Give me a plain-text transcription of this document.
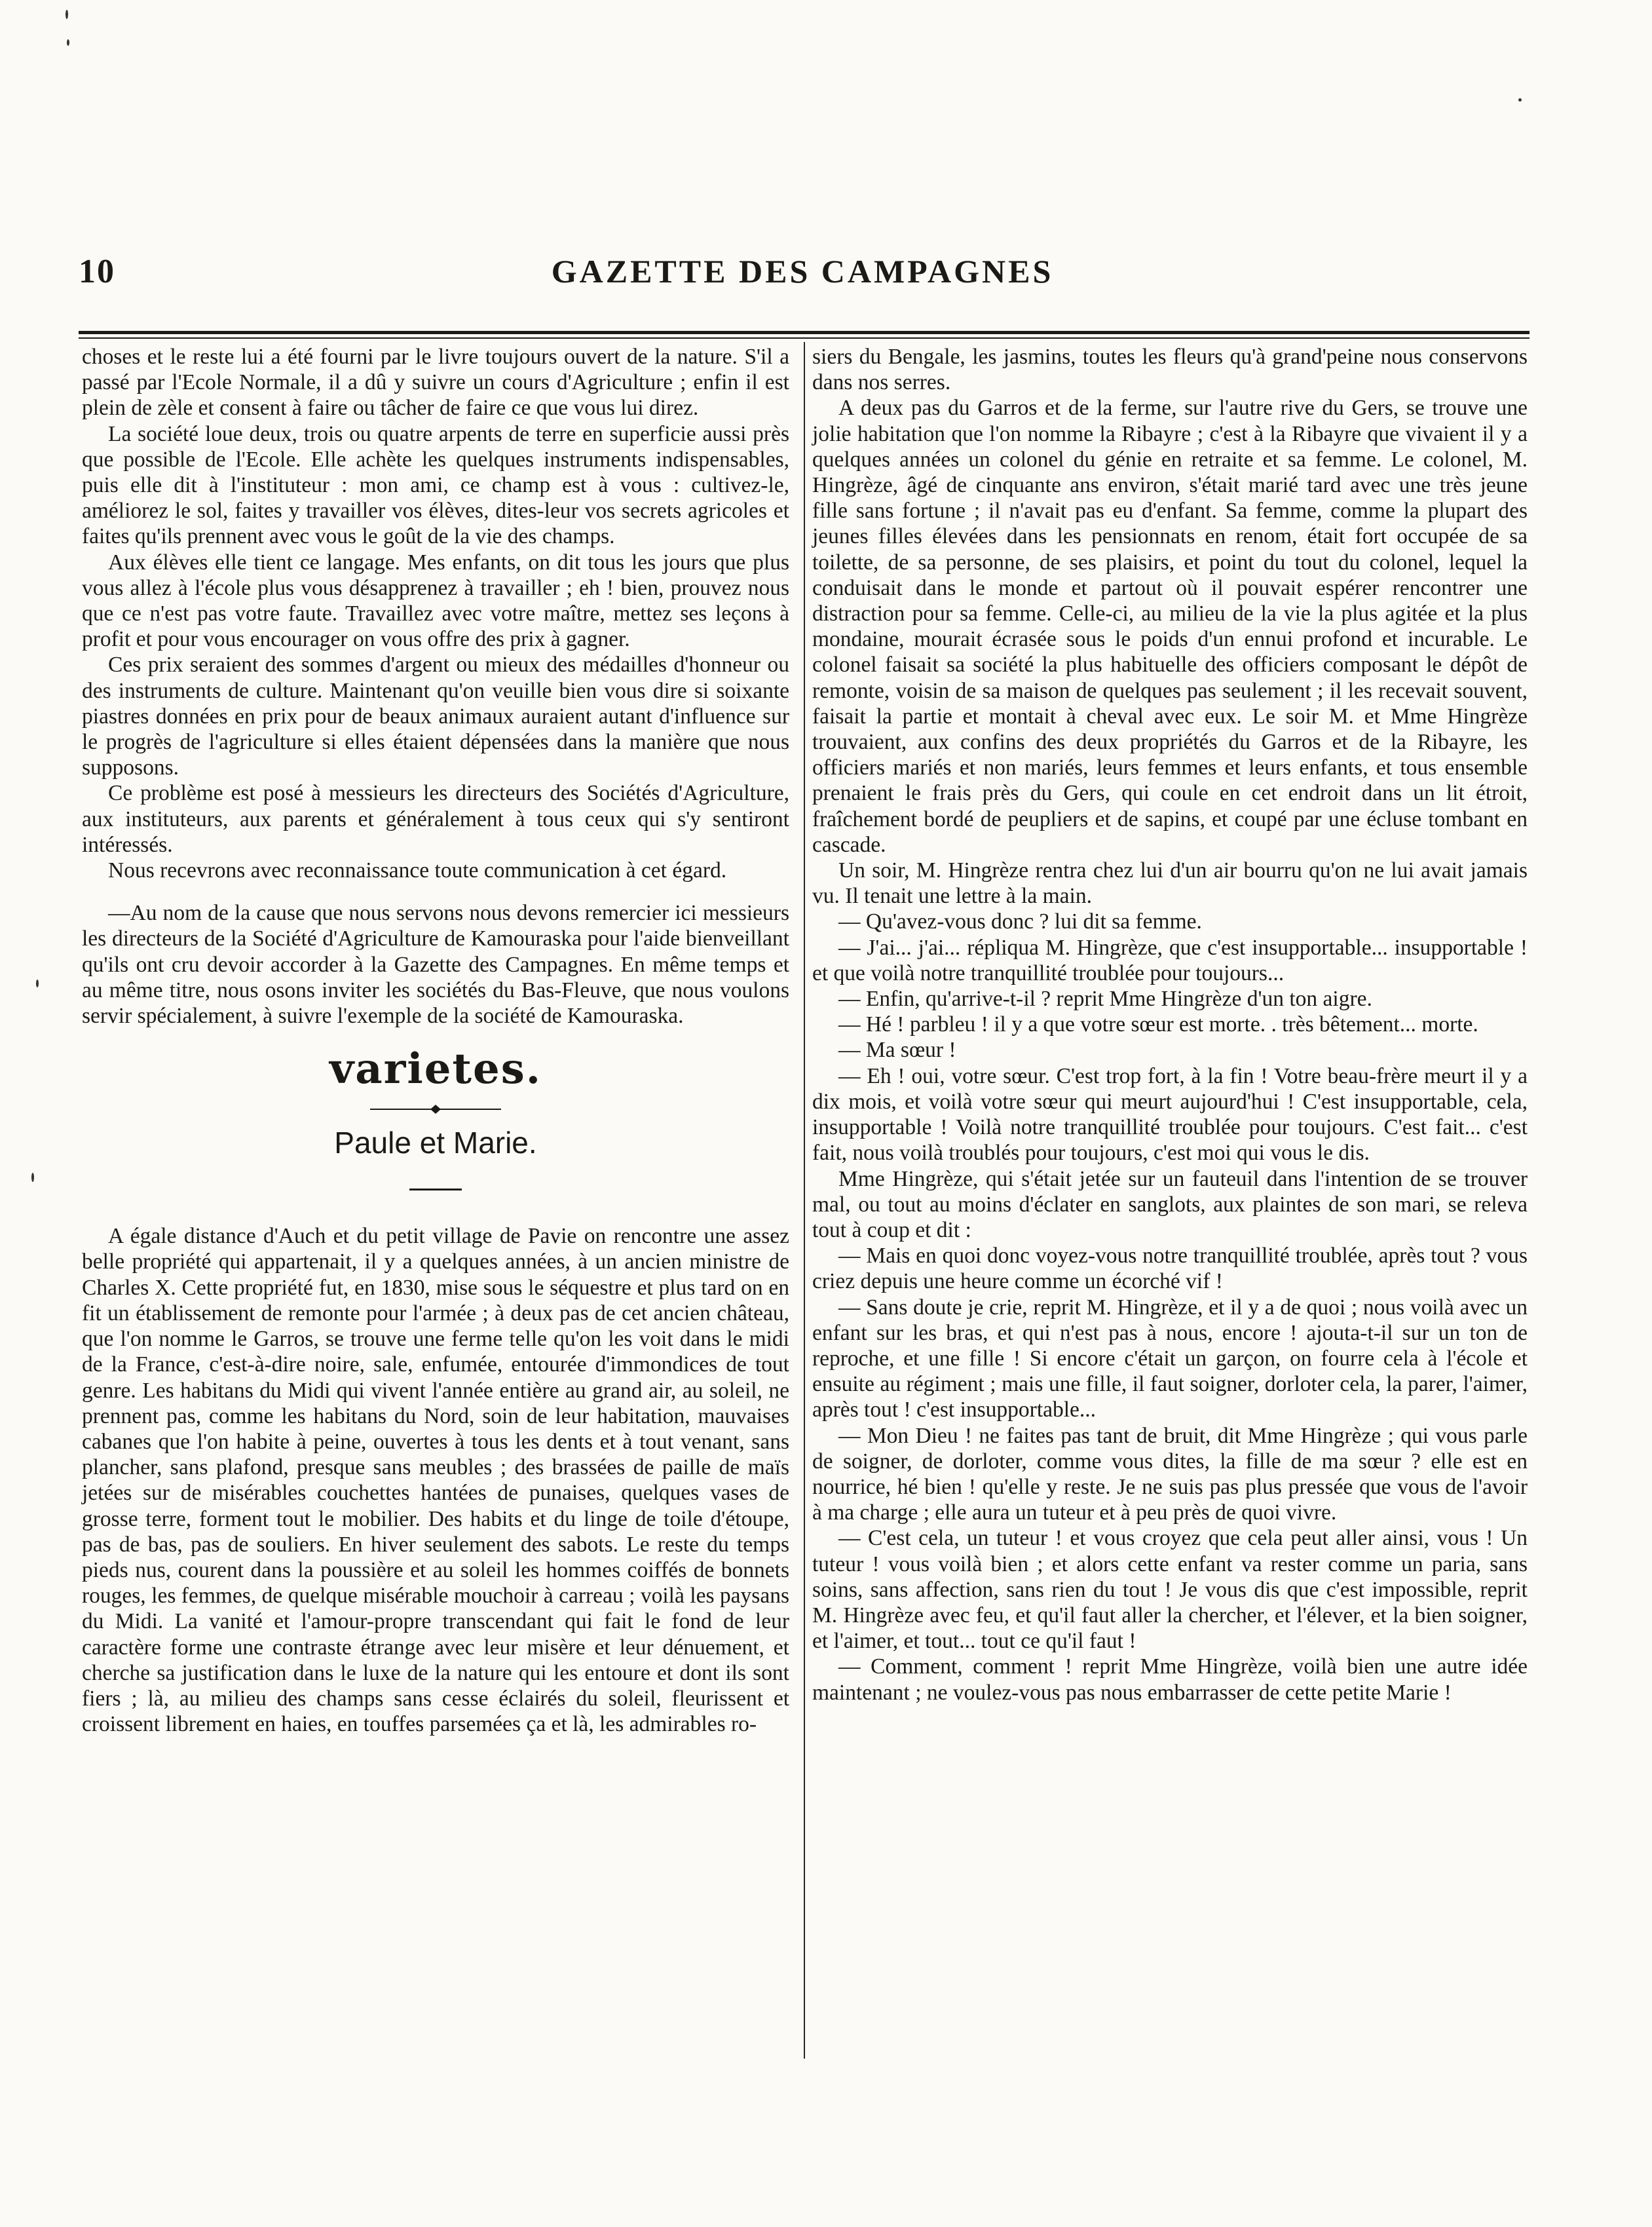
10	GAZETTE DES CAMPAGNES

choses et le reste lui a été fourni par le livre toujours ouvert de la nature. S'il a passé par l'Ecole Normale, il a dû y suivre un cours d'Agriculture ; enfin il est plein de zèle et consent à faire ou tâcher de faire ce que vous lui direz.

La société loue deux, trois ou quatre arpents de terre en superficie aussi près que possible de l'Ecole. Elle achète les quelques instruments indispensables, puis elle dit à l'instituteur : mon ami, ce champ est à vous : cultivez-le, améliorez le sol, faites y travailler vos élèves, dites-leur vos secrets agricoles et faites qu'ils prennent avec vous le goût de la vie des champs.

Aux élèves elle tient ce langage. Mes enfants, on dit tous les jours que plus vous allez à l'école plus vous désapprenez à travailler ; eh ! bien, prouvez nous que ce n'est pas votre faute. Travaillez avec votre maître, mettez ses leçons à profit et pour vous encourager on vous offre des prix à gagner.

Ces prix seraient des sommes d'argent ou mieux des médailles d'honneur ou des instruments de culture. Maintenant qu'on veuille bien vous dire si soixante piastres données en prix pour de beaux animaux auraient autant d'influence sur le progrès de l'agriculture si elles étaient dépensées dans la manière que nous supposons.

Ce problème est posé à messieurs les directeurs des Sociétés d'Agriculture, aux instituteurs, aux parents et généralement à tous ceux qui s'y sentiront intéressés.

Nous recevrons avec reconnaissance toute communication à cet égard.

—Au nom de la cause que nous servons nous devons remercier ici messieurs les directeurs de la Société d'Agriculture de Kamouraska pour l'aide bienveillant qu'ils ont cru devoir accorder à la Gazette des Campagnes. En même temps et au même titre, nous osons inviter les sociétés du Bas-Fleuve, que nous voulons servir spécialement, à suivre l'exemple de la société de Kamouraska.

varietes.
Paule et Marie.

A égale distance d'Auch et du petit village de Pavie on rencontre une assez belle propriété qui appartenait, il y a quelques années, à un ancien ministre de Charles X. Cette propriété fut, en 1830, mise sous le séquestre et plus tard on en fit un établissement de remonte pour l'armée ; à deux pas de cet ancien château, que l'on nomme le Garros, se trouve une ferme telle qu'on les voit dans le midi de la France, c'est-à-dire noire, sale, enfumée, entourée d'immondices de tout genre. Les habitans du Midi qui vivent l'année entière au grand air, au soleil, ne prennent pas, comme les habitans du Nord, soin de leur habitation, mauvaises cabanes que l'on habite à peine, ouvertes à tous les dents et à tout venant, sans plancher, sans plafond, presque sans meubles ; des brassées de paille de maïs jetées sur de misérables couchettes hantées de punaises, quelques vases de grosse terre, forment tout le mobilier. Des habits et du linge de toile d'étoupe, pas de bas, pas de souliers. En hiver seulement des sabots. Le reste du temps pieds nus, courent dans la poussière et au soleil les hommes coiffés de bonnets rouges, les femmes, de quelque misérable mouchoir à carreau ; voilà les paysans du Midi. La vanité et l'amour-propre transcendant qui fait le fond de leur caractère forme une contraste étrange avec leur misère et leur dénuement, et cherche sa justification dans le luxe de la nature qui les entoure et dont ils sont fiers ; là, au milieu des champs sans cesse éclairés du soleil, fleurissent et croissent librement en haies, en touffes parsemées ça et là, les admirables ro-

siers du Bengale, les jasmins, toutes les fleurs qu'à grand'peine nous conservons dans nos serres.

A deux pas du Garros et de la ferme, sur l'autre rive du Gers, se trouve une jolie habitation que l'on nomme la Ribayre ; c'est à la Ribayre que vivaient il y a quelques années un colonel du génie en retraite et sa femme. Le colonel, M. Hingrèze, âgé de cinquante ans environ, s'était marié tard avec une très jeune fille sans fortune ; il n'avait pas eu d'enfant. Sa femme, comme la plupart des jeunes filles élevées dans les pensionnats en renom, était fort occupée de sa toilette, de sa personne, de ses plaisirs, et point du tout du colonel, lequel la conduisait dans le monde et partout où il pouvait espérer rencontrer une distraction pour sa femme. Celle-ci, au milieu de la vie la plus agitée et la plus mondaine, mourait écrasée sous le poids d'un ennui profond et incurable. Le colonel faisait sa société la plus habituelle des officiers composant le dépôt de remonte, voisin de sa maison de quelques pas seulement ; il les recevait souvent, faisait la partie et montait à cheval avec eux. Le soir M. et Mme Hingrèze trouvaient, aux confins des deux propriétés du Garros et de la Ribayre, les officiers mariés et non mariés, leurs femmes et leurs enfants, et tous ensemble prenaient le frais près du Gers, qui coule en cet endroit dans un lit étroit, fraîchement bordé de peupliers et de sapins, et coupé par une écluse tombant en cascade.

Un soir, M. Hingrèze rentra chez lui d'un air bourru qu'on ne lui avait jamais vu. Il tenait une lettre à la main.

— Qu'avez-vous donc ? lui dit sa femme.

— J'ai... j'ai... répliqua M. Hingrèze, que c'est insupportable... insupportable ! et que voilà notre tranquillité troublée pour toujours...

— Enfin, qu'arrive-t-il ? reprit Mme Hingrèze d'un ton aigre.

— Hé ! parbleu ! il y a que votre sœur est morte. . très bêtement... morte.

— Ma sœur !

— Eh ! oui, votre sœur. C'est trop fort, à la fin ! Votre beau-frère meurt il y a dix mois, et voilà votre sœur qui meurt aujourd'hui ! C'est insupportable, cela, insupportable ! Voilà notre tranquillité troublée pour toujours. C'est fait... c'est fait, nous voilà troublés pour toujours, c'est moi qui vous le dis.

Mme Hingrèze, qui s'était jetée sur un fauteuil dans l'intention de se trouver mal, ou tout au moins d'éclater en sanglots, aux plaintes de son mari, se releva tout à coup et dit :

— Mais en quoi donc voyez-vous notre tranquillité troublée, après tout ? vous criez depuis une heure comme un écorché vif !

— Sans doute je crie, reprit M. Hingrèze, et il y a de quoi ; nous voilà avec un enfant sur les bras, et qui n'est pas à nous, encore ! ajouta-t-il sur un ton de reproche, et une fille ! Si encore c'était un garçon, on fourre cela à l'école et ensuite au régiment ; mais une fille, il faut soigner, dorloter cela, la parer, l'aimer, après tout ! c'est insupportable...

— Mon Dieu ! ne faites pas tant de bruit, dit Mme Hingrèze ; qui vous parle de soigner, de dorloter, comme vous dites, la fille de ma sœur ? elle est en nourrice, hé bien ! qu'elle y reste. Je ne suis pas plus pressée que vous de l'avoir à ma charge ; elle aura un tuteur et à peu près de quoi vivre.

— C'est cela, un tuteur ! et vous croyez que cela peut aller ainsi, vous ! Un tuteur ! vous voilà bien ; et alors cette enfant va rester comme un paria, sans soins, sans affection, sans rien du tout ! Je vous dis que c'est impossible, reprit M. Hingrèze avec feu, et qu'il faut aller la chercher, et l'élever, et la bien soigner, et l'aimer, et tout... tout ce qu'il faut !

— Comment, comment ! reprit Mme Hingrèze, voilà bien une autre idée maintenant ; ne voulez-vous pas nous embarrasser de cette petite Marie !
